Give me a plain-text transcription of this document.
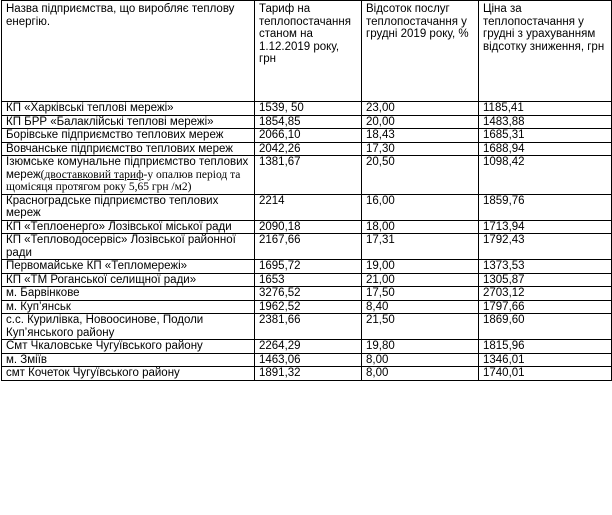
Назва підприємства, що виробляє теплову енергію.	Тариф на теплопостачання станом на 1.12.2019 року, грн	Відсоток послуг теплопостачання у грудні 2019 року, %	Ціна за теплопостачання у грудні з урахуванням відсотку зниження, грн
КП «Харківські теплові мережі»	1539, 50	23,00	1185,41
КП БРР «Балаклійські теплові мережі»	1854,85	20,00	1483,88
Борівське підприємство теплових мереж	2066,10	18,43	1685,31
Вовчанське підприємство теплових мереж	2042,26	17,30	1688,94
Ізюмське комунальне підприємство теплових мереж(двоставковий тариф-у опалюв період та щомісяця протягом року 5,65 грн /м2)	1381,67	20,50	1098,42
Красноградське підприємство теплових мереж	2214	16,00	1859,76
КП «Теплоенерго» Лозівської міської ради	2090,18	18,00	1713,94
КП «Тепловодосервіс» Лозівської районної ради	2167,66	17,31	1792,43
Первомайське КП «Тепломережі»	1695,72	19,00	1373,53
КП «ТМ Роганської селищної ради»	1653	21,00	1305,87
м. Барвінкове	3276,52	17,50	2703,12
м. Куп’янськ	1962,52	8,40	1797,66
с.с. Курилівка, Новоосинове, Подоли Куп’янського району	2381,66	21,50	1869,60
Смт Чкаловське Чугуївського району	2264,29	19,80	1815,96
м. Зміїв	1463,06	8,00	1346,01
смт Кочеток Чугуївського району	1891,32	8,00	1740,01
